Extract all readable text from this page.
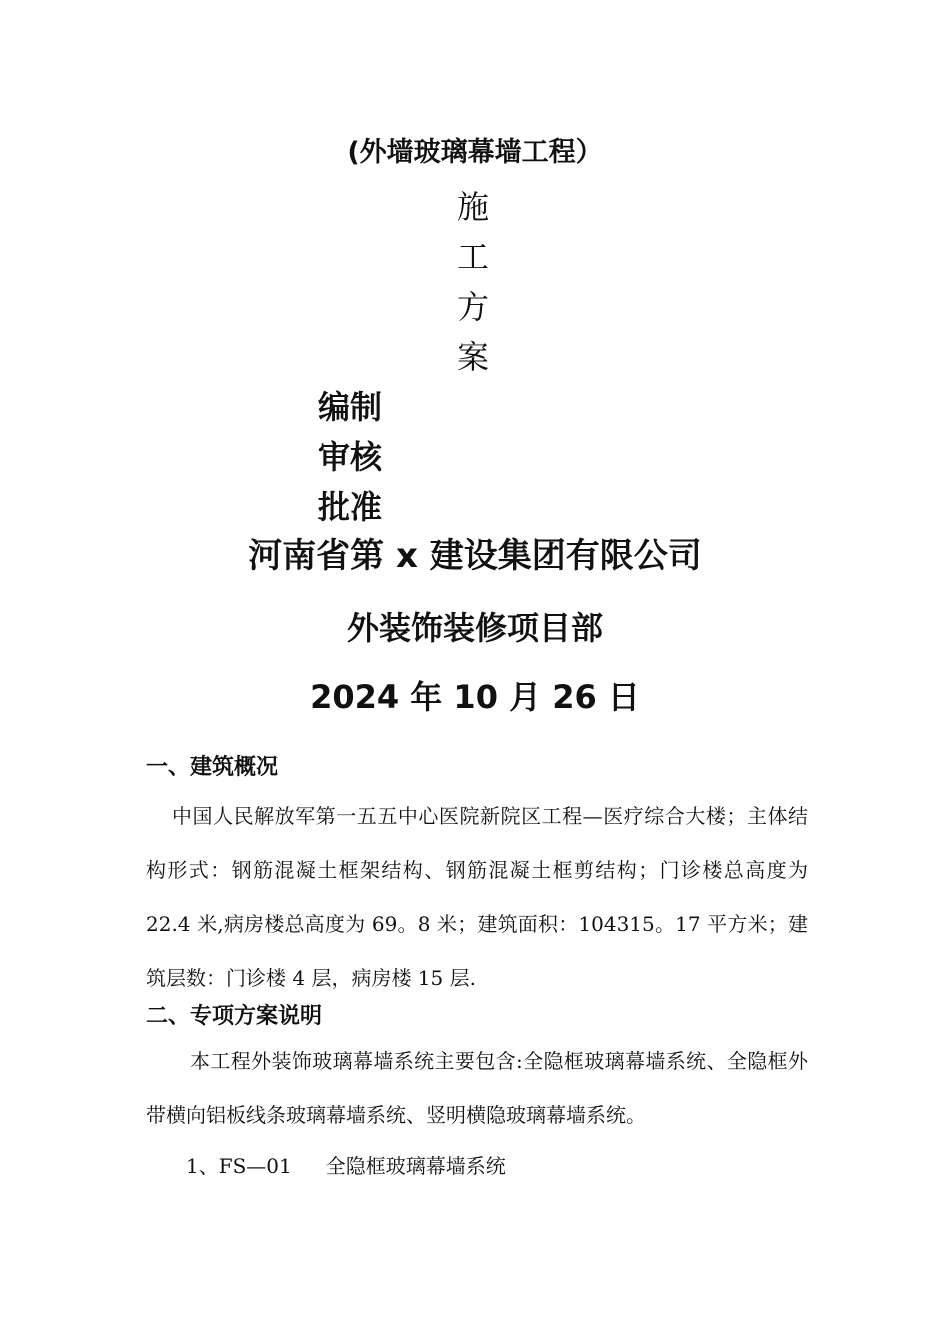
(外墙玻璃幕墙工程）
施
工
方
案
编制
审核
批准
河南省第 x 建设集团有限公司
外装饰装修项目部
2024 年 10 月 26 日
一、建筑概况

中国人民解放军第一五五中心医院新院区工程—医疗综合大楼；主体结构形式：钢筋混凝土框架结构、钢筋混凝土框剪结构；门诊楼总高度为 22.4 米,病房楼总高度为 69。8 米；建筑面积：104315。17 平方米；建筑层数：门诊楼 4 层，病房楼 15 层.

二、专项方案说明

本工程外装饰玻璃幕墙系统主要包含:全隐框玻璃幕墙系统、全隐框外带横向铝板线条玻璃幕墙系统、竖明横隐玻璃幕墙系统。

1、FS—01 全隐框玻璃幕墙系统
